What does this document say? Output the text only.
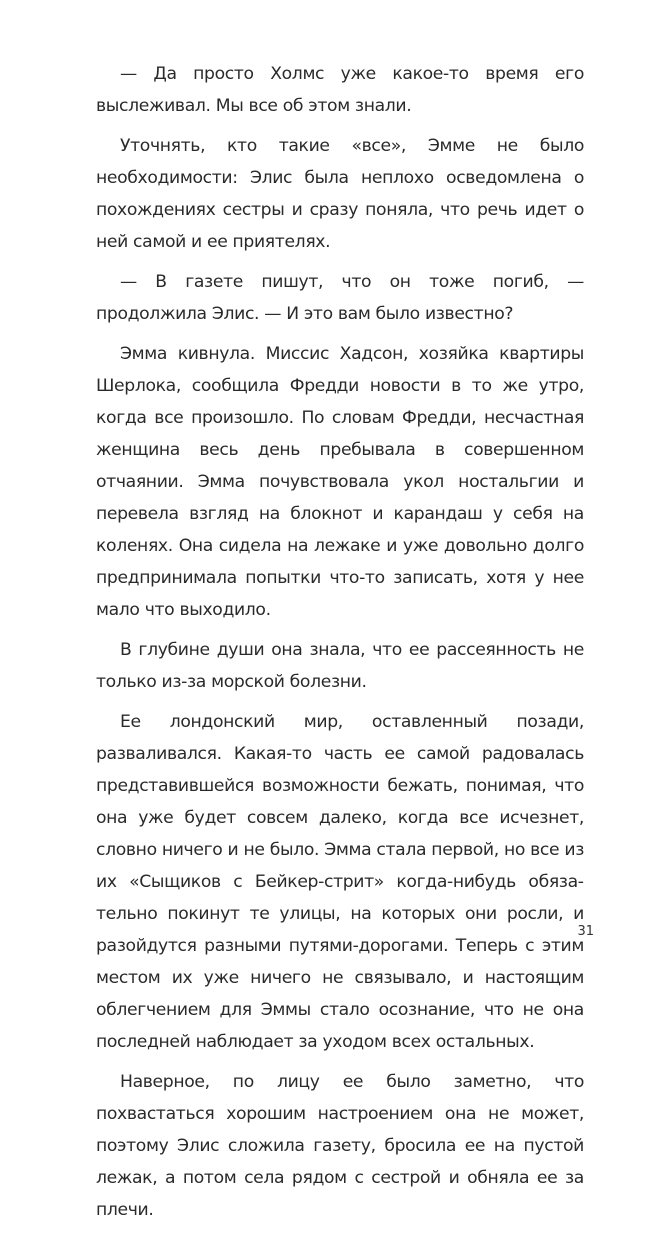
— Да просто Холмс уже какое-то время его выслеживал. Мы все об этом знали.

Уточнять, кто такие «все», Эмме не было необходимости: Элис была неплохо осведомлена о похождениях сестры и сразу поняла, что речь идет о ней самой и ее приятелях.

— В газете пишут, что он тоже погиб, — продолжила Элис. — И это вам было известно?

Эмма кивнула. Миссис Хадсон, хозяйка квартиры Шерлока, сообщила Фредди новости в то же утро, когда все произошло. По словам Фредди, несчастная женщина весь день пребывала в совершенном отчаянии. Эмма почувствовала укол ностальгии и перевела взгляд на блокнот и карандаш у себя на коленях. Она сидела на лежаке и уже довольно долго предпринимала попытки что-то записать, хотя у нее мало что выходило.

В глубине души она знала, что ее рассеянность не только из-за морской болезни.

Ее лондонский мир, оставленный позади, разваливался. Какая-то часть ее самой радовалась представившейся возможности бежать, понимая, что она уже будет совсем далеко, когда все исчезнет, словно ничего и не было. Эмма стала первой, но все из их «Сыщиков с Бейкер-стрит» когда-нибудь обязательно покинут те улицы, на которых они росли, и разойдутся разными путями-дорогами. Теперь с этим местом их уже ничего не связывало, и настоящим облегчением для Эммы стало осознание, что не она последней наблюдает за уходом всех остальных.

Наверное, по лицу ее было заметно, что похвастаться хорошим настроением она не может, поэтому Элис сложила газету, бросила ее на пустой лежак, а потом села рядом с сестрой и обняла ее за плечи.

31
